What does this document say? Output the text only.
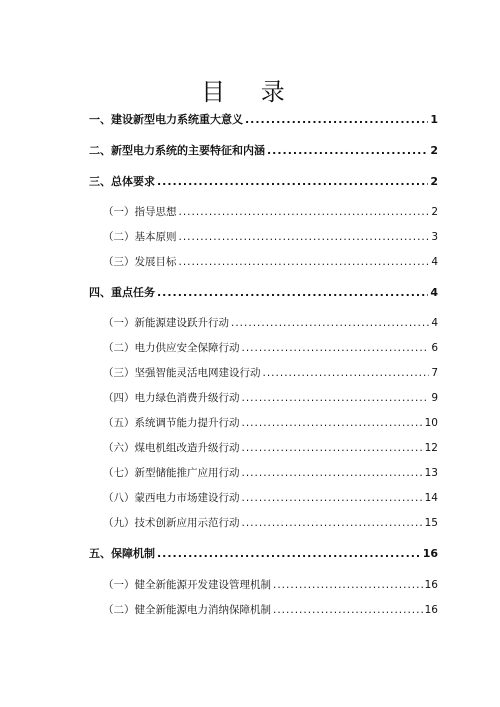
目 录
一、建设新型电力系统重大意义 .....	1
二、新型电力系统的主要特征和内涵 .....	2
三、总体要求 .....	2
（一）指导思想 .....	2
（二）基本原则 .....	3
（三）发展目标 .....	4
四、重点任务 .....	4
（一）新能源建设跃升行动 .....	4
（二）电力供应安全保障行动 .....	6
（三）坚强智能灵活电网建设行动 .....	7
（四）电力绿色消费升级行动 .....	9
（五）系统调节能力提升行动 .....	10
（六）煤电机组改造升级行动 .....	12
（七）新型储能推广应用行动 .....	13
（八）蒙西电力市场建设行动 .....	14
（九）技术创新应用示范行动 .....	15
五、保障机制 .....	16
（一）健全新能源开发建设管理机制 .....	16
（二）健全新能源电力消纳保障机制 .....	16
